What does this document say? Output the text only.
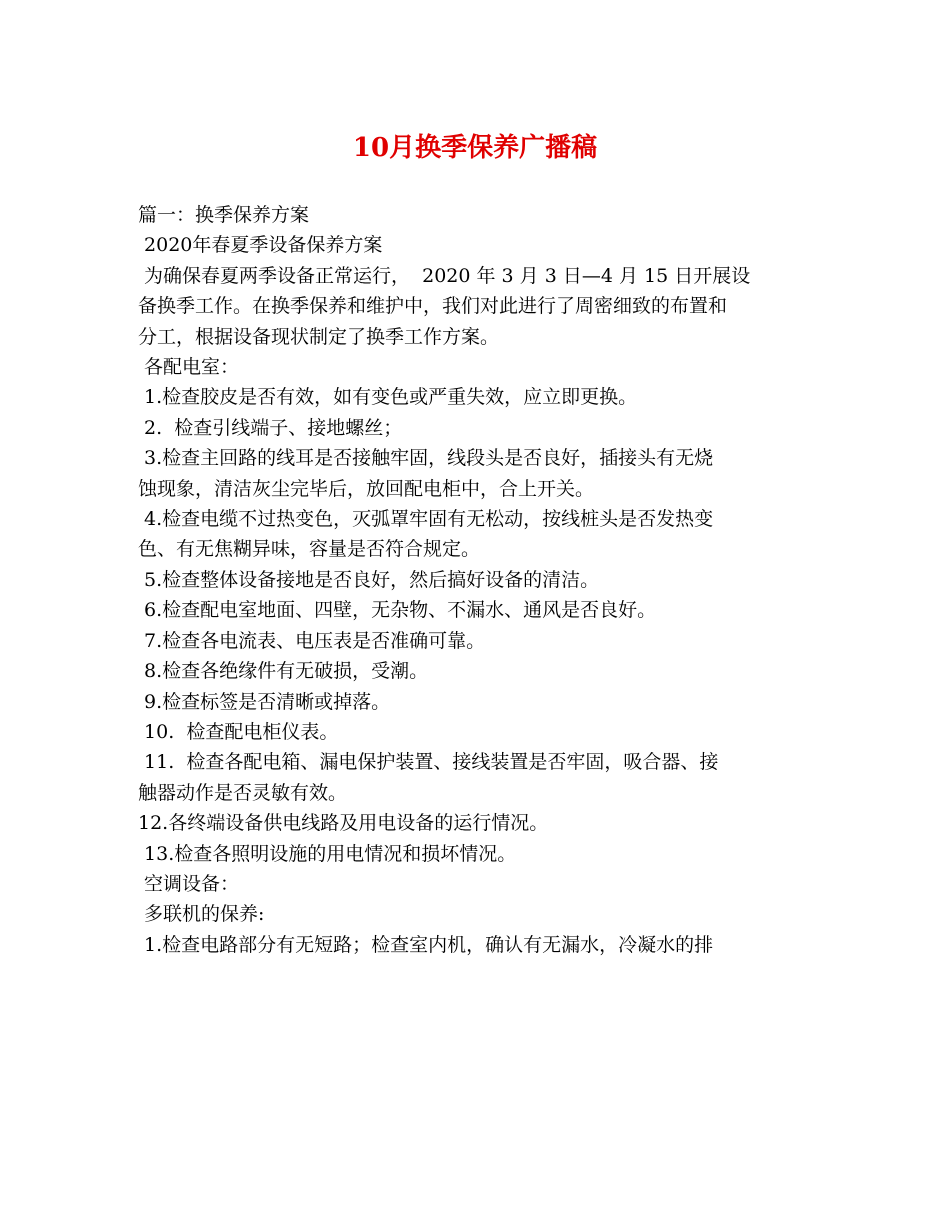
10月换季保养广播稿
篇一：换季保养方案
2020年春夏季设备保养方案
为确保春夏两季设备正常运行，  2020 年 3 月 3 日—4 月 15 日开展设
备换季工作。在换季保养和维护中，我们对此进行了周密细致的布置和
分工，根据设备现状制定了换季工作方案。
各配电室：
1.检查胶皮是否有效，如有变色或严重失效，应立即更换。
2.  检查引线端子、接地螺丝；
3.检查主回路的线耳是否接触牢固，线段头是否良好，插接头有无烧
蚀现象，清洁灰尘完毕后，放回配电柜中，合上开关。
4.检查电缆不过热变色，灭弧罩牢固有无松动，按线桩头是否发热变
色、有无焦糊异味，容量是否符合规定。
5.检查整体设备接地是否良好，然后搞好设备的清洁。
6.检查配电室地面、四壁，无杂物、不漏水、通风是否良好。
7.检查各电流表、电压表是否准确可靠。
8.检查各绝缘件有无破损，受潮。
9.检查标签是否清晰或掉落。
10.  检查配电柜仪表。
11.  检查各配电箱、漏电保护装置、接线装置是否牢固，吸合器、接
触器动作是否灵敏有效。
12.各终端设备供电线路及用电设备的运行情况。
13.检查各照明设施的用电情况和损坏情况。
空调设备：
多联机的保养:
1.检查电路部分有无短路；检查室内机，确认有无漏水，冷凝水的排
